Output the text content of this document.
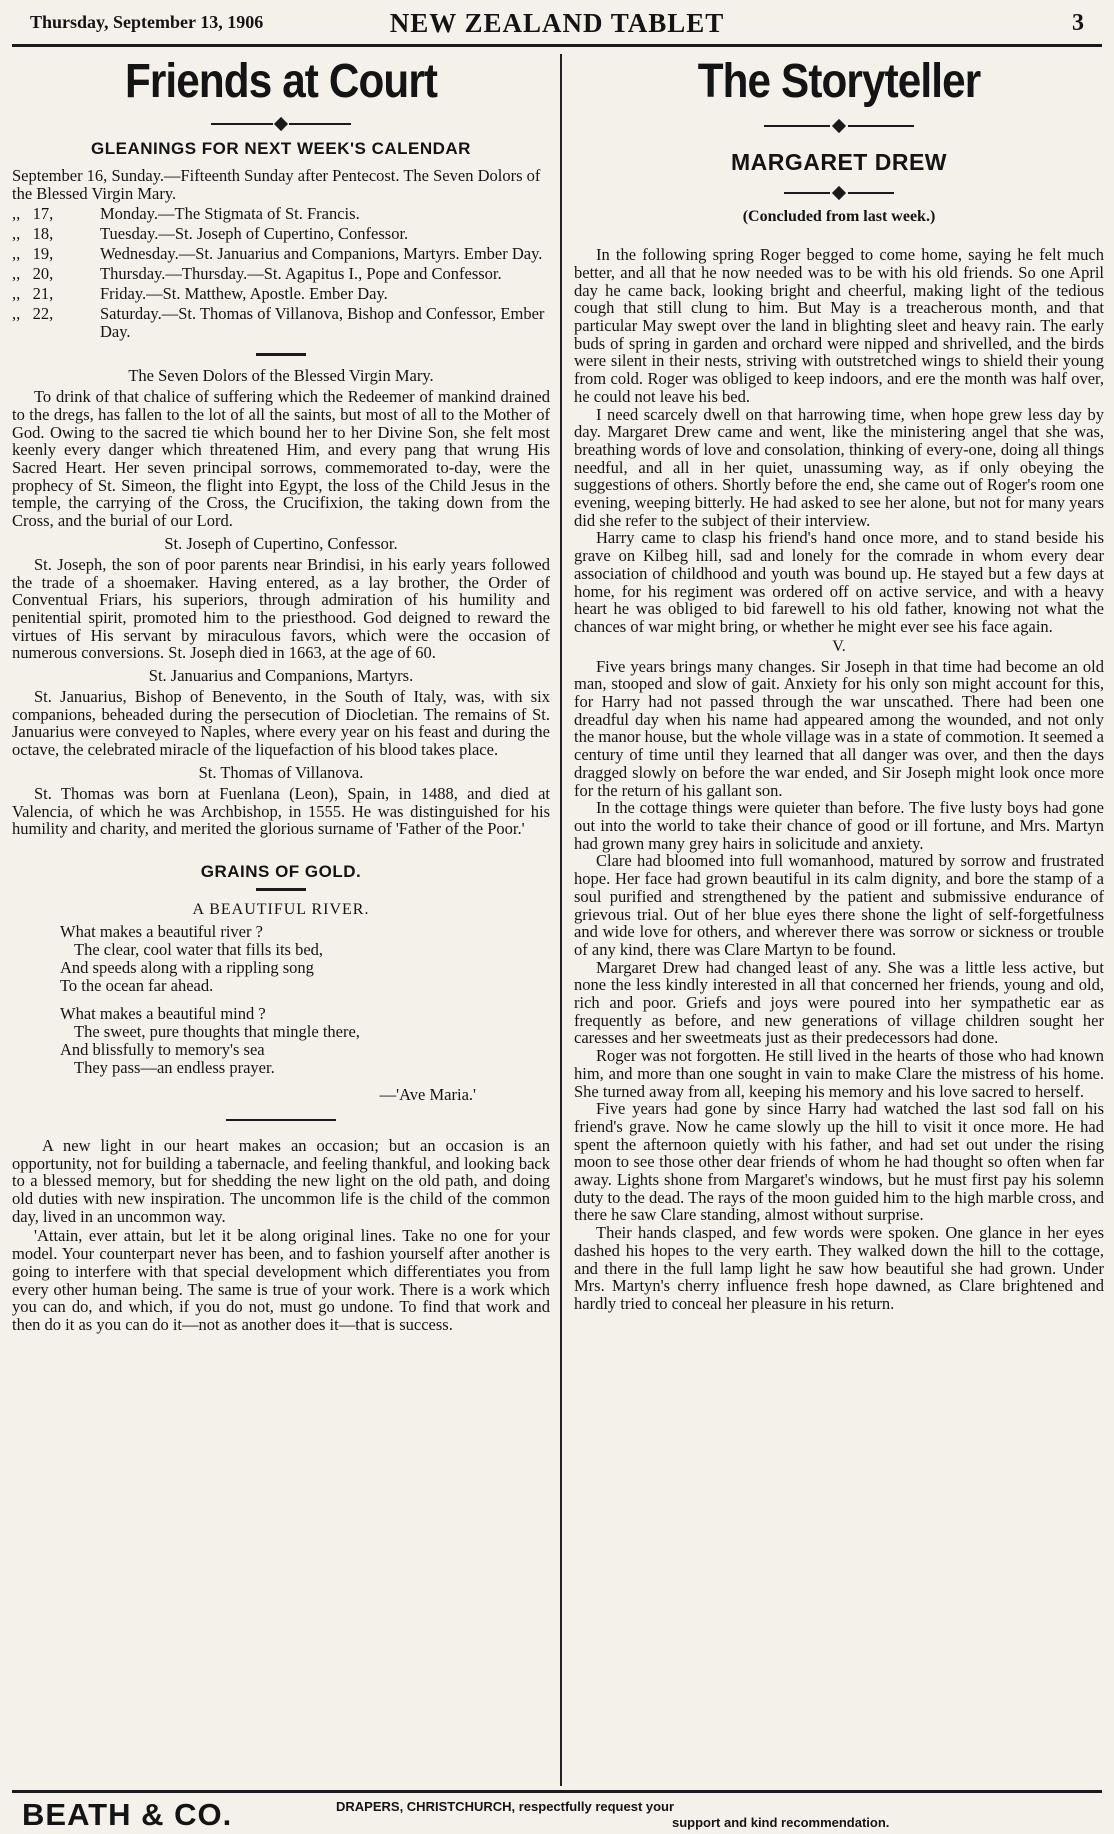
Thursday, September 13, 1906	NEW ZEALAND TABLET	3
Friends at Court
GLEANINGS FOR NEXT WEEK'S CALENDAR
September 16, Sunday.—Fifteenth Sunday after Pentecost. The Seven Dolors of the Blessed Virgin Mary.
,,   17,	Monday.—The Stigmata of St. Francis.
,,   18,	Tuesday.—St. Joseph of Cupertino, Confessor.
,,   19,	Wednesday.—St. Januarius and Companions, Martyrs. Ember Day.
,,   20,	Thursday.—Thursday.—St. Agapitus I., Pope and Confessor.
,,   21,	Friday.—St. Matthew, Apostle. Ember Day.
,,   22,	Saturday.—St. Thomas of Villanova, Bishop and Confessor, Ember Day.
The Seven Dolors of the Blessed Virgin Mary.
To drink of that chalice of suffering which the Redeemer of mankind drained to the dregs, has fallen to the lot of all the saints, but most of all to the Mother of God. Owing to the sacred tie which bound her to her Divine Son, she felt most keenly every danger which threatened Him, and every pang that wrung His Sacred Heart. Her seven principal sorrows, commemorated to-day, were the prophecy of St. Simeon, the flight into Egypt, the loss of the Child Jesus in the temple, the carrying of the Cross, the Crucifixion, the taking down from the Cross, and the burial of our Lord.
St. Joseph of Cupertino, Confessor.
St. Joseph, the son of poor parents near Brindisi, in his early years followed the trade of a shoemaker. Having entered, as a lay brother, the Order of Conventual Friars, his superiors, through admiration of his humility and penitential spirit, promoted him to the priesthood. God deigned to reward the virtues of His servant by miraculous favors, which were the occasion of numerous conversions. St. Joseph died in 1663, at the age of 60.
St. Januarius and Companions, Martyrs.
St. Januarius, Bishop of Benevento, in the South of Italy, was, with six companions, beheaded during the persecution of Diocletian. The remains of St. Januarius were conveyed to Naples, where every year on his feast and during the octave, the celebrated miracle of the liquefaction of his blood takes place.
St. Thomas of Villanova.
St. Thomas was born at Fuenlana (Leon), Spain, in 1488, and died at Valencia, of which he was Archbishop, in 1555. He was distinguished for his humility and charity, and merited the glorious surname of 'Father of the Poor.'
GRAINS OF GOLD.
A BEAUTIFUL RIVER.
What makes a beautiful river ?
The clear, cool water that fills its bed,
And speeds along with a rippling song
To the ocean far ahead.
What makes a beautiful mind ?
The sweet, pure thoughts that mingle there,
And blissfully to memory's sea
They pass—an endless prayer.
—'Ave Maria.'
A new light in our heart makes an occasion; but an occasion is an opportunity, not for building a tabernacle, and feeling thankful, and looking back to a blessed memory, but for shedding the new light on the old path, and doing old duties with new inspiration. The uncommon life is the child of the common day, lived in an uncommon way.
'Attain, ever attain, but let it be along original lines. Take no one for your model. Your counterpart never has been, and to fashion yourself after another is going to interfere with that special development which differentiates you from every other human being. The same is true of your work. There is a work which you can do, and which, if you do not, must go undone. To find that work and then do it as you can do it—not as another does it—that is success.
The Storyteller
MARGARET DREW
(Concluded from last week.)
In the following spring Roger begged to come home, saying he felt much better, and all that he now needed was to be with his old friends. So one April day he came back, looking bright and cheerful, making light of the tedious cough that still clung to him. But May is a treacherous month, and that particular May swept over the land in blighting sleet and heavy rain. The early buds of spring in garden and orchard were nipped and shrivelled, and the birds were silent in their nests, striving with outstretched wings to shield their young from cold. Roger was obliged to keep indoors, and ere the month was half over, he could not leave his bed.
I need scarcely dwell on that harrowing time, when hope grew less day by day. Margaret Drew came and went, like the ministering angel that she was, breathing words of love and consolation, thinking of every-one, doing all things needful, and all in her quiet, unassuming way, as if only obeying the suggestions of others. Shortly before the end, she came out of Roger's room one evening, weeping bitterly. He had asked to see her alone, but not for many years did she refer to the subject of their interview.
Harry came to clasp his friend's hand once more, and to stand beside his grave on Kilbeg hill, sad and lonely for the comrade in whom every dear association of childhood and youth was bound up. He stayed but a few days at home, for his regiment was ordered off on active service, and with a heavy heart he was obliged to bid farewell to his old father, knowing not what the chances of war might bring, or whether he might ever see his face again.
V.
Five years brings many changes. Sir Joseph in that time had become an old man, stooped and slow of gait. Anxiety for his only son might account for this, for Harry had not passed through the war unscathed. There had been one dreadful day when his name had appeared among the wounded, and not only the manor house, but the whole village was in a state of commotion. It seemed a century of time until they learned that all danger was over, and then the days dragged slowly on before the war ended, and Sir Joseph might look once more for the return of his gallant son.
In the cottage things were quieter than before. The five lusty boys had gone out into the world to take their chance of good or ill fortune, and Mrs. Martyn had grown many grey hairs in solicitude and anxiety.
Clare had bloomed into full womanhood, matured by sorrow and frustrated hope. Her face had grown beautiful in its calm dignity, and bore the stamp of a soul purified and strengthened by the patient and submissive endurance of grievous trial. Out of her blue eyes there shone the light of self-forgetfulness and wide love for others, and wherever there was sorrow or sickness or trouble of any kind, there was Clare Martyn to be found.
Margaret Drew had changed least of any. She was a little less active, but none the less kindly interested in all that concerned her friends, young and old, rich and poor. Griefs and joys were poured into her sympathetic ear as frequently as before, and new generations of village children sought her caresses and her sweetmeats just as their predecessors had done.
Roger was not forgotten. He still lived in the hearts of those who had known him, and more than one sought in vain to make Clare the mistress of his home. She turned away from all, keeping his memory and his love sacred to herself.
Five years had gone by since Harry had watched the last sod fall on his friend's grave. Now he came slowly up the hill to visit it once more. He had spent the afternoon quietly with his father, and had set out under the rising moon to see those other dear friends of whom he had thought so often when far away. Lights shone from Margaret's windows, but he must first pay his solemn duty to the dead. The rays of the moon guided him to the high marble cross, and there he saw Clare standing, almost without surprise.
Their hands clasped, and few words were spoken. One glance in her eyes dashed his hopes to the very earth. They walked down the hill to the cottage, and there in the full lamp light he saw how beautiful she had grown. Under Mrs. Martyn's cherry influence fresh hope dawned, as Clare brightened and hardly tried to conceal her pleasure in his return.
BEATH & CO.	DRAPERS, CHRISTCHURCH, respectfully request your
support and kind recommendation.
